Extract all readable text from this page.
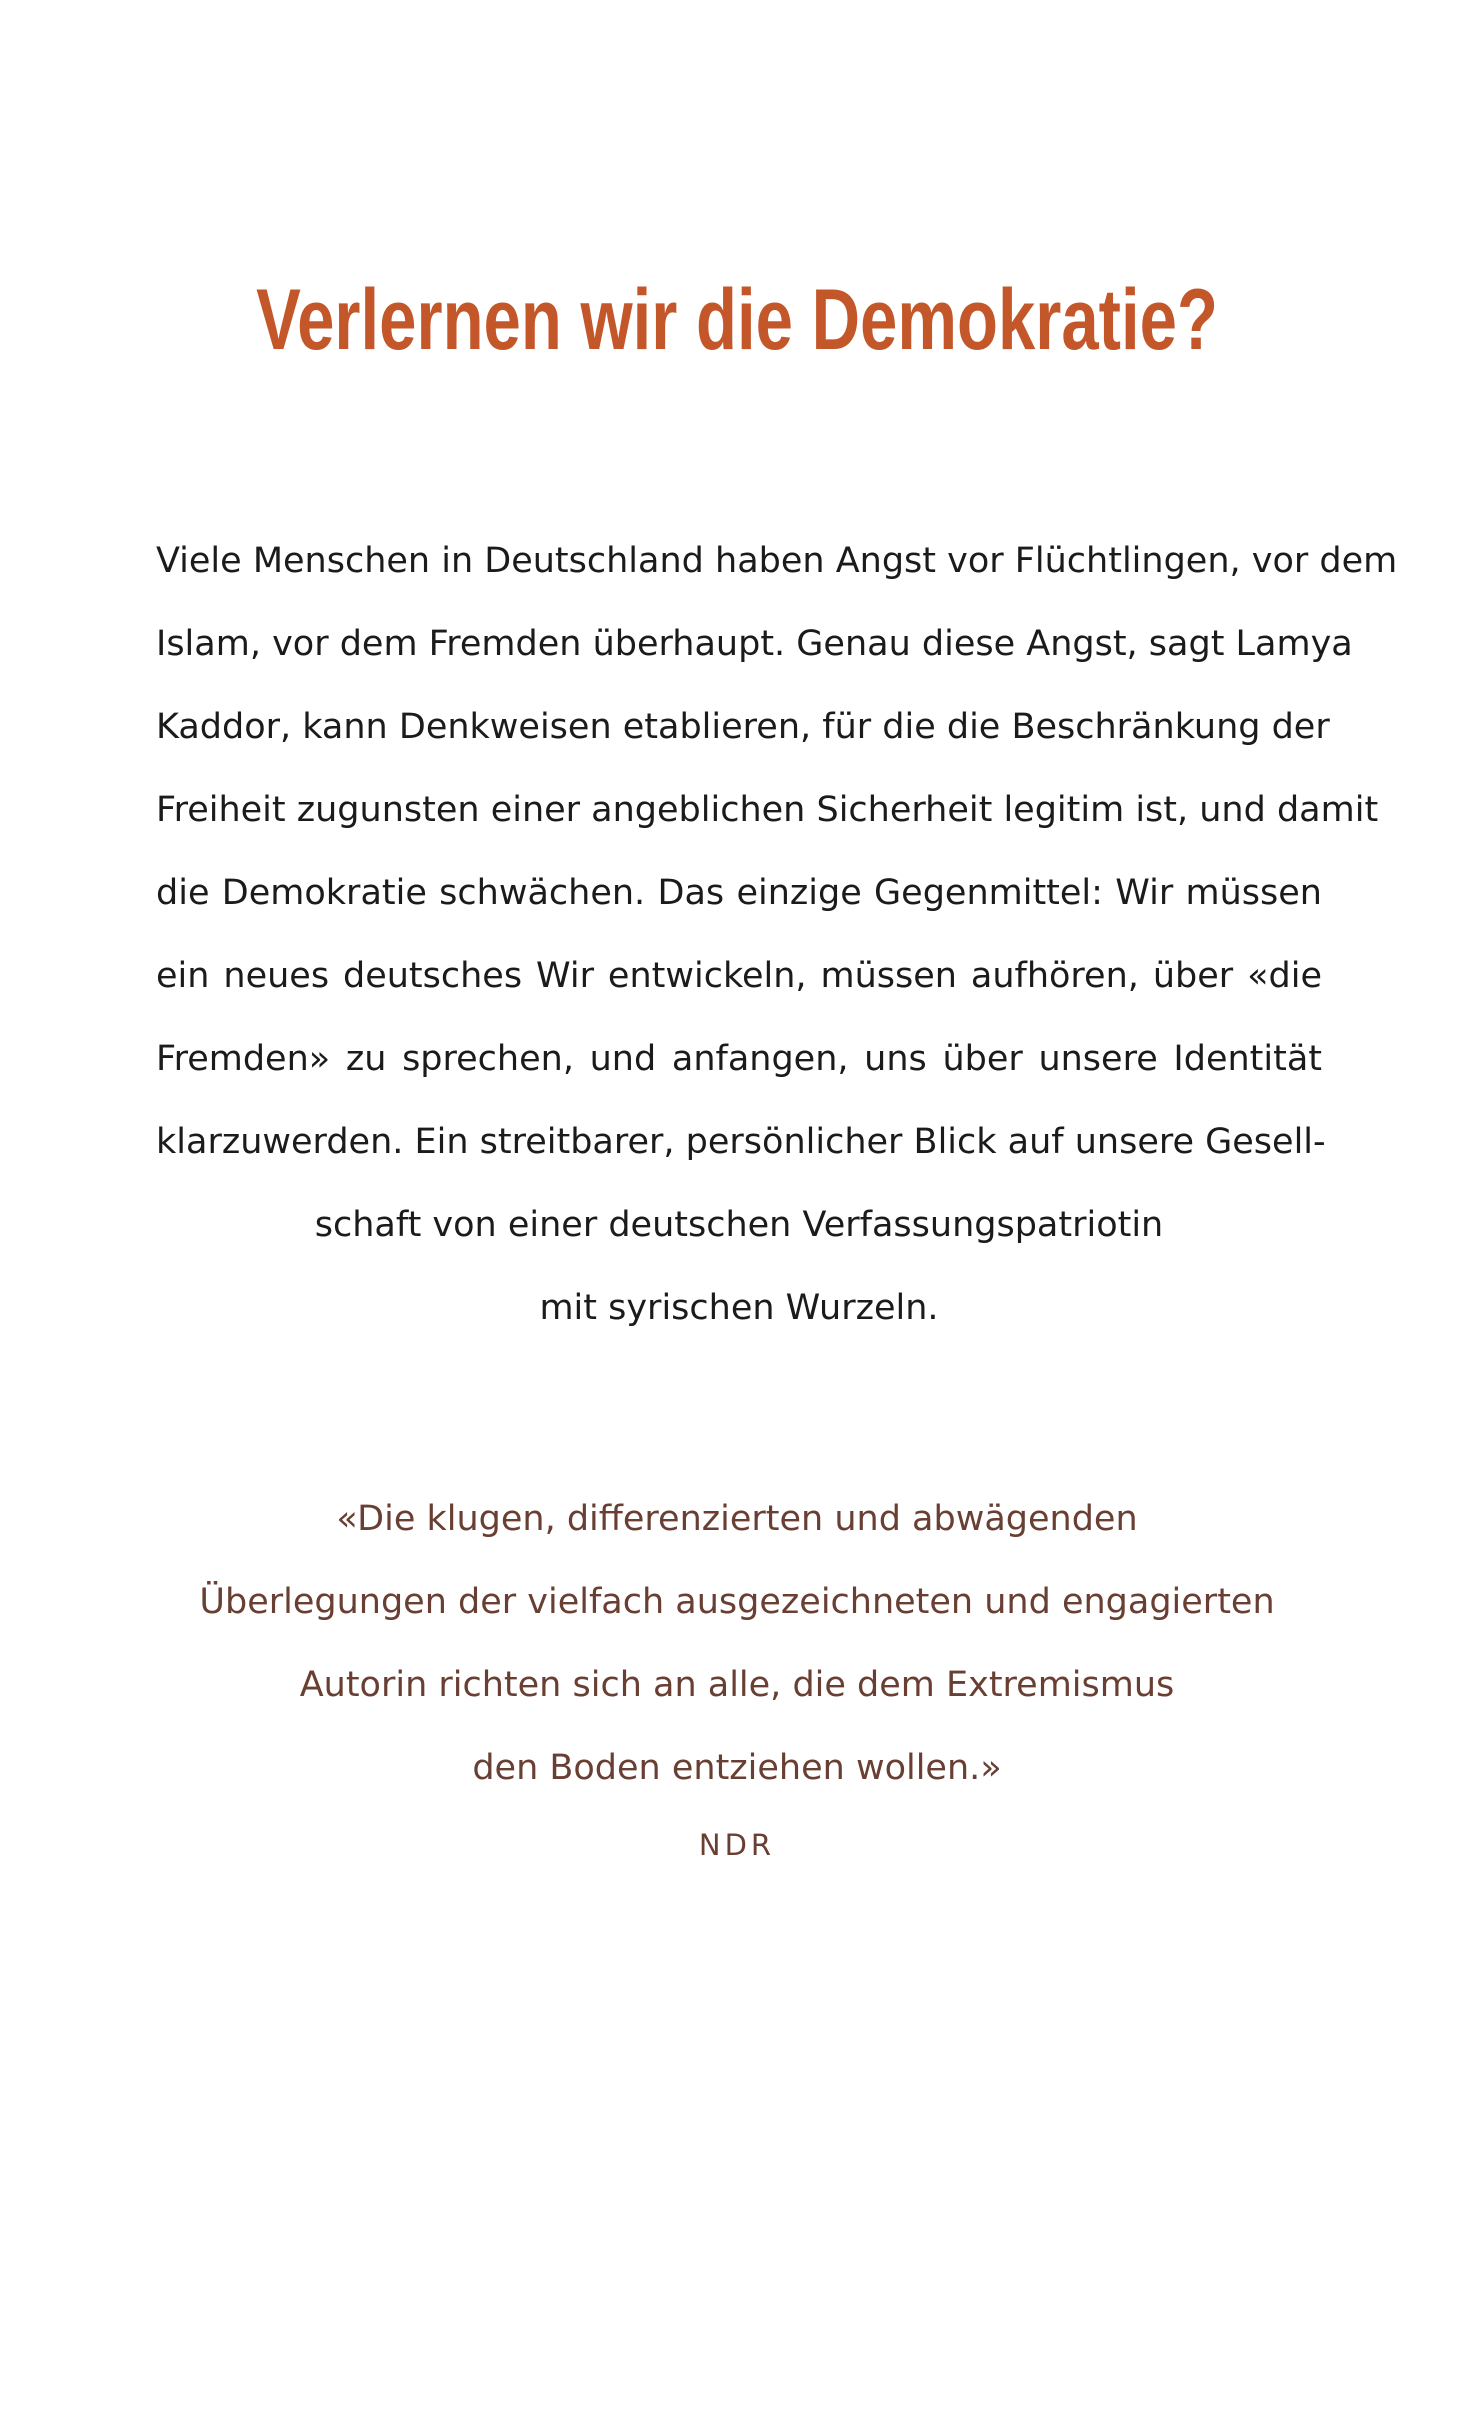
Verlernen wir die Demokratie?
Viele Menschen in Deutschland haben Angst vor Flüchtlingen, vor dem
Islam, vor dem Fremden überhaupt. Genau diese Angst, sagt Lamya
Kaddor, kann Denkweisen etablieren, für die die Beschränkung der
Freiheit zugunsten einer angeblichen Sicherheit legitim ist, und damit
die Demokratie schwächen. Das einzige Gegenmittel: Wir müssen
ein neues deutsches Wir entwickeln, müssen aufhören, über «die
Fremden» zu sprechen, und anfangen, uns über unsere Identität
klarzuwerden. Ein streitbarer, persönlicher Blick auf unsere Gesell-
schaft von einer deutschen Verfassungspatriotin
mit syrischen Wurzeln.
«Die klugen, differenzierten und abwägenden
Überlegungen der vielfach ausgezeichneten und engagierten
Autorin richten sich an alle, die dem Extremismus
den Boden entziehen wollen.»
NDR
